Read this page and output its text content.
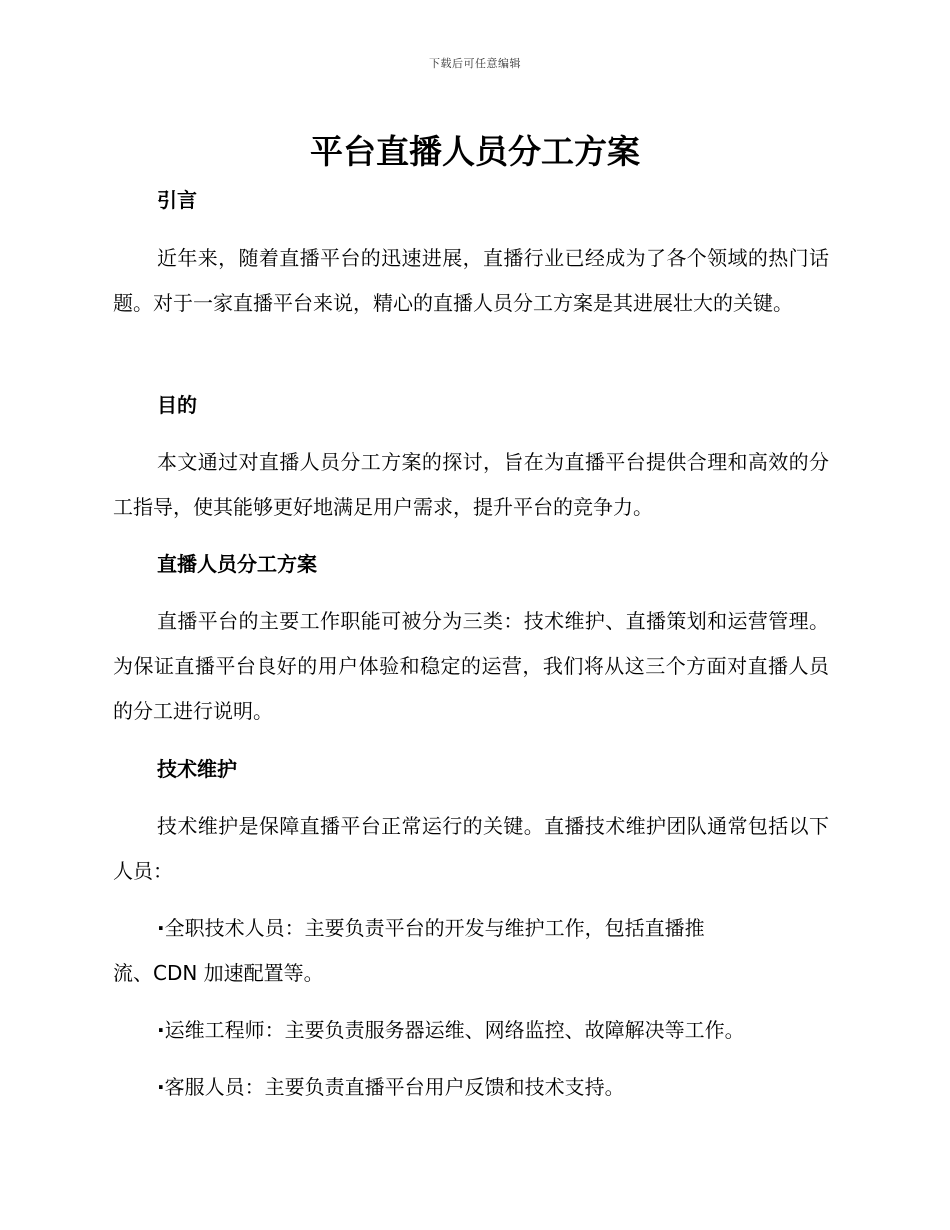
下载后可任意编辑
平台直播人员分工方案
引言

近年来，随着直播平台的迅速进展，直播行业已经成为了各个领域的热门话题。对于一家直播平台来说，精心的直播人员分工方案是其进展壮大的关键。

目的

本文通过对直播人员分工方案的探讨，旨在为直播平台提供合理和高效的分工指导，使其能够更好地满足用户需求，提升平台的竞争力。

直播人员分工方案

直播平台的主要工作职能可被分为三类：技术维护、直播策划和运营管理。为保证直播平台良好的用户体验和稳定的运营，我们将从这三个方面对直播人员的分工进行说明。

技术维护

技术维护是保障直播平台正常运行的关键。直播技术维护团队通常包括以下人员：

·全职技术人员：主要负责平台的开发与维护工作，包括直播推
流、CDN 加速配置等。
·运维工程师：主要负责服务器运维、网络监控、故障解决等工作。
·客服人员：主要负责直播平台用户反馈和技术支持。
